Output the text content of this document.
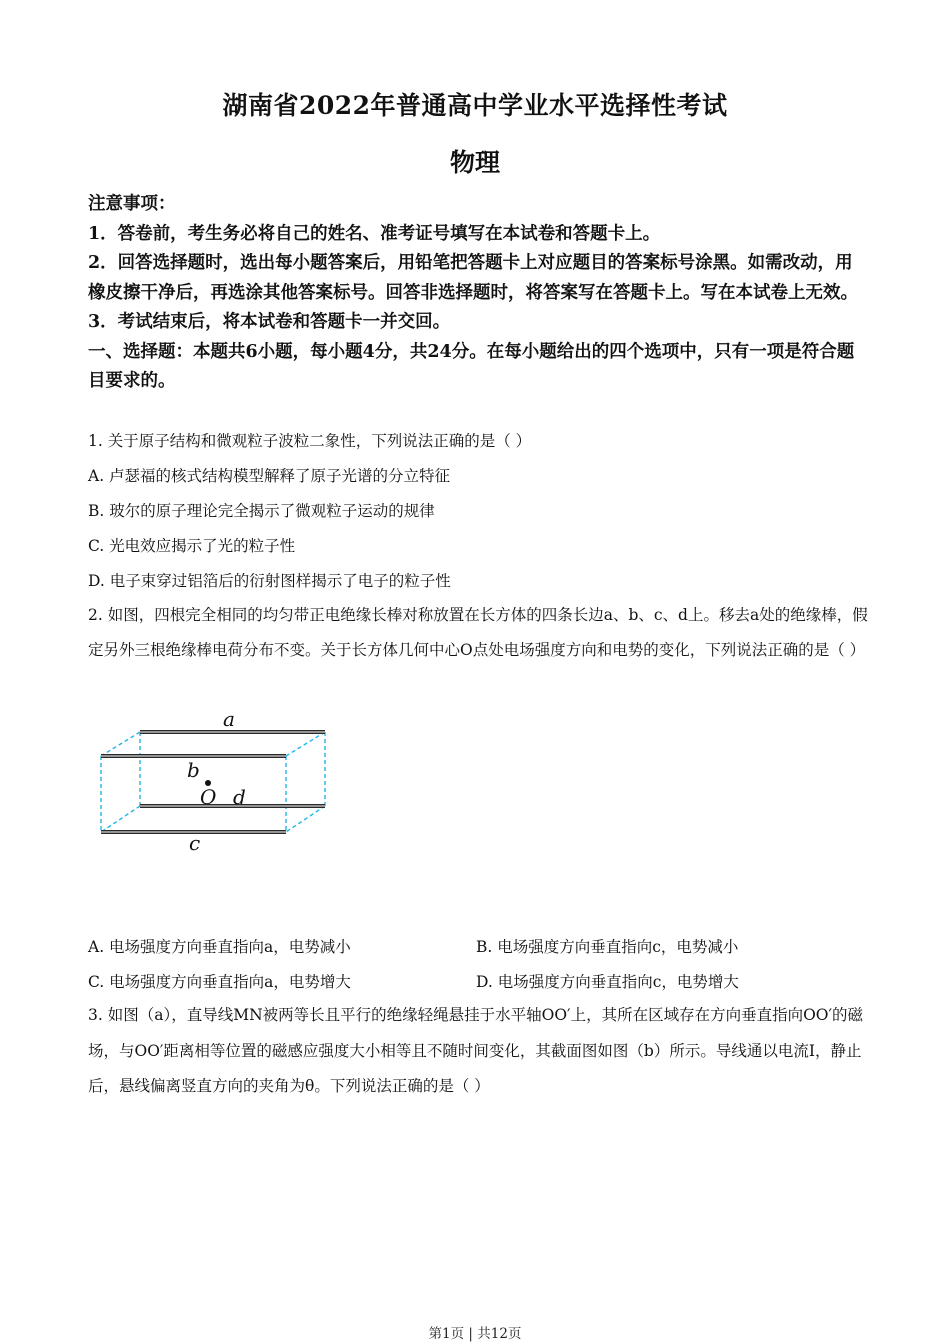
湖南省2022年普通高中学业水平选择性考试
物理

注意事项：

1．答卷前，考生务必将自己的姓名、准考证号填写在本试卷和答题卡上。

2．回答选择题时，选出每小题答案后，用铅笔把答题卡上对应题目的答案标号涂黑。如需改动，用橡皮擦干净后，再选涂其他答案标号。回答非选择题时，将答案写在答题卡上。写在本试卷上无效。

3．考试结束后，将本试卷和答题卡一并交回。

一、选择题：本题共6小题，每小题4分，共24分。在每小题给出的四个选项中，只有一项是符合题目要求的。

1. 关于原子结构和微观粒子波粒二象性，下列说法正确的是（ ）

A. 卢瑟福的核式结构模型解释了原子光谱的分立特征

B. 玻尔的原子理论完全揭示了微观粒子运动的规律

C. 光电效应揭示了光的粒子性

D. 电子束穿过铝箔后的衍射图样揭示了电子的粒子性

2. 如图，四根完全相同的均匀带正电绝缘长棒对称放置在长方体的四条长边a、b、c、d上。移去a处的绝缘棒，假定另外三根绝缘棒电荷分布不变。关于长方体几何中心O点处电场强度方向和电势的变化，下列说法正确的是（ ）

a
b
O d
c
A. 电场强度方向垂直指向a，电势减小	B. 电场强度方向垂直指向c，电势减小
C. 电场强度方向垂直指向a，电势增大	D. 电场强度方向垂直指向c，电势增大

3. 如图（a），直导线MN被两等长且平行的绝缘轻绳悬挂于水平轴OO′上，其所在区域存在方向垂直指向OO′的磁场，与OO′距离相等位置的磁感应强度大小相等且不随时间变化，其截面图如图（b）所示。导线通以电流I，静止后，悬线偏离竖直方向的夹角为θ。下列说法正确的是（ ）

第1页 | 共12页
